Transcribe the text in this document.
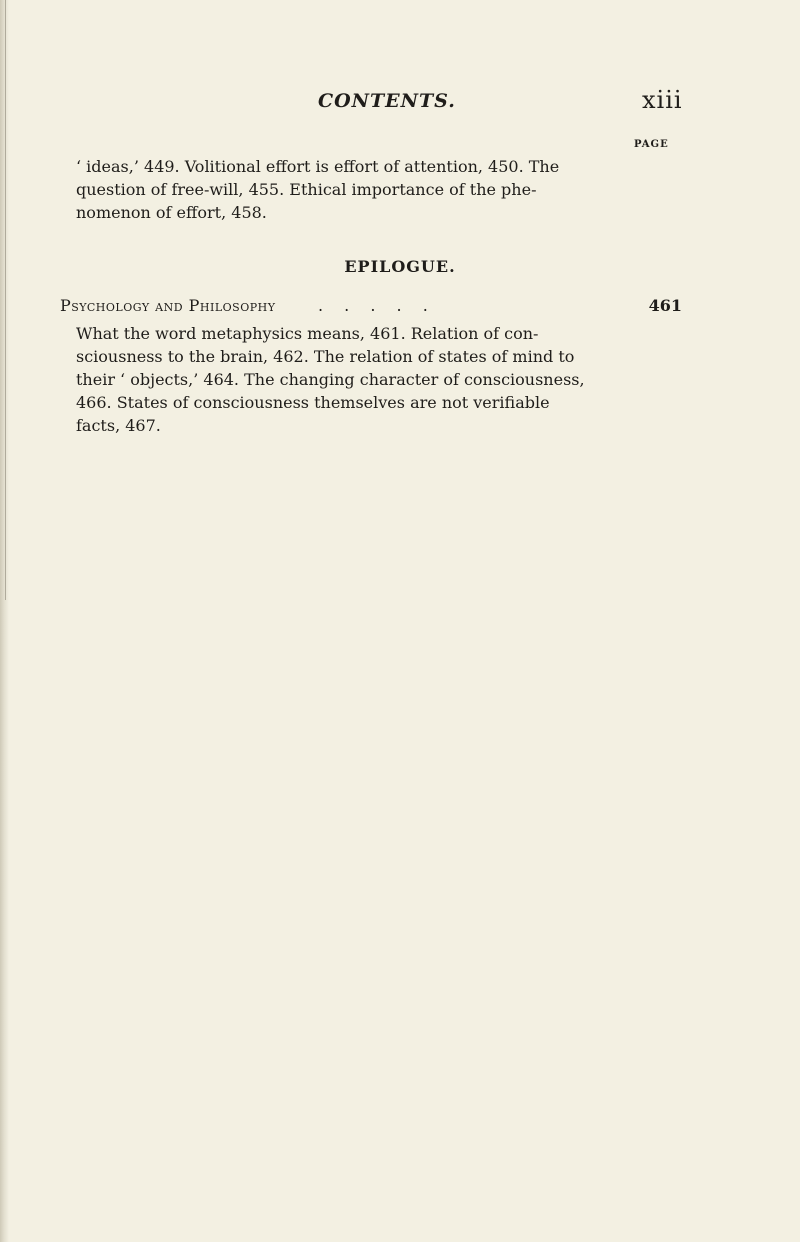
CONTENTS.	xiii
PAGE
‘ ideas,’ 449. Volitional effort is effort of attention, 450. The
question of free-will, 455. Ethical importance of the phe-
nomenon of effort, 458.
EPILOGUE.
Psychology and Philosophy	. . . . .	461
What the word metaphysics means, 461. Relation of con-
sciousness to the brain, 462. The relation of states of mind to
their ‘ objects,’ 464. The changing character of consciousness,
466. States of consciousness themselves are not verifiable
facts, 467.
